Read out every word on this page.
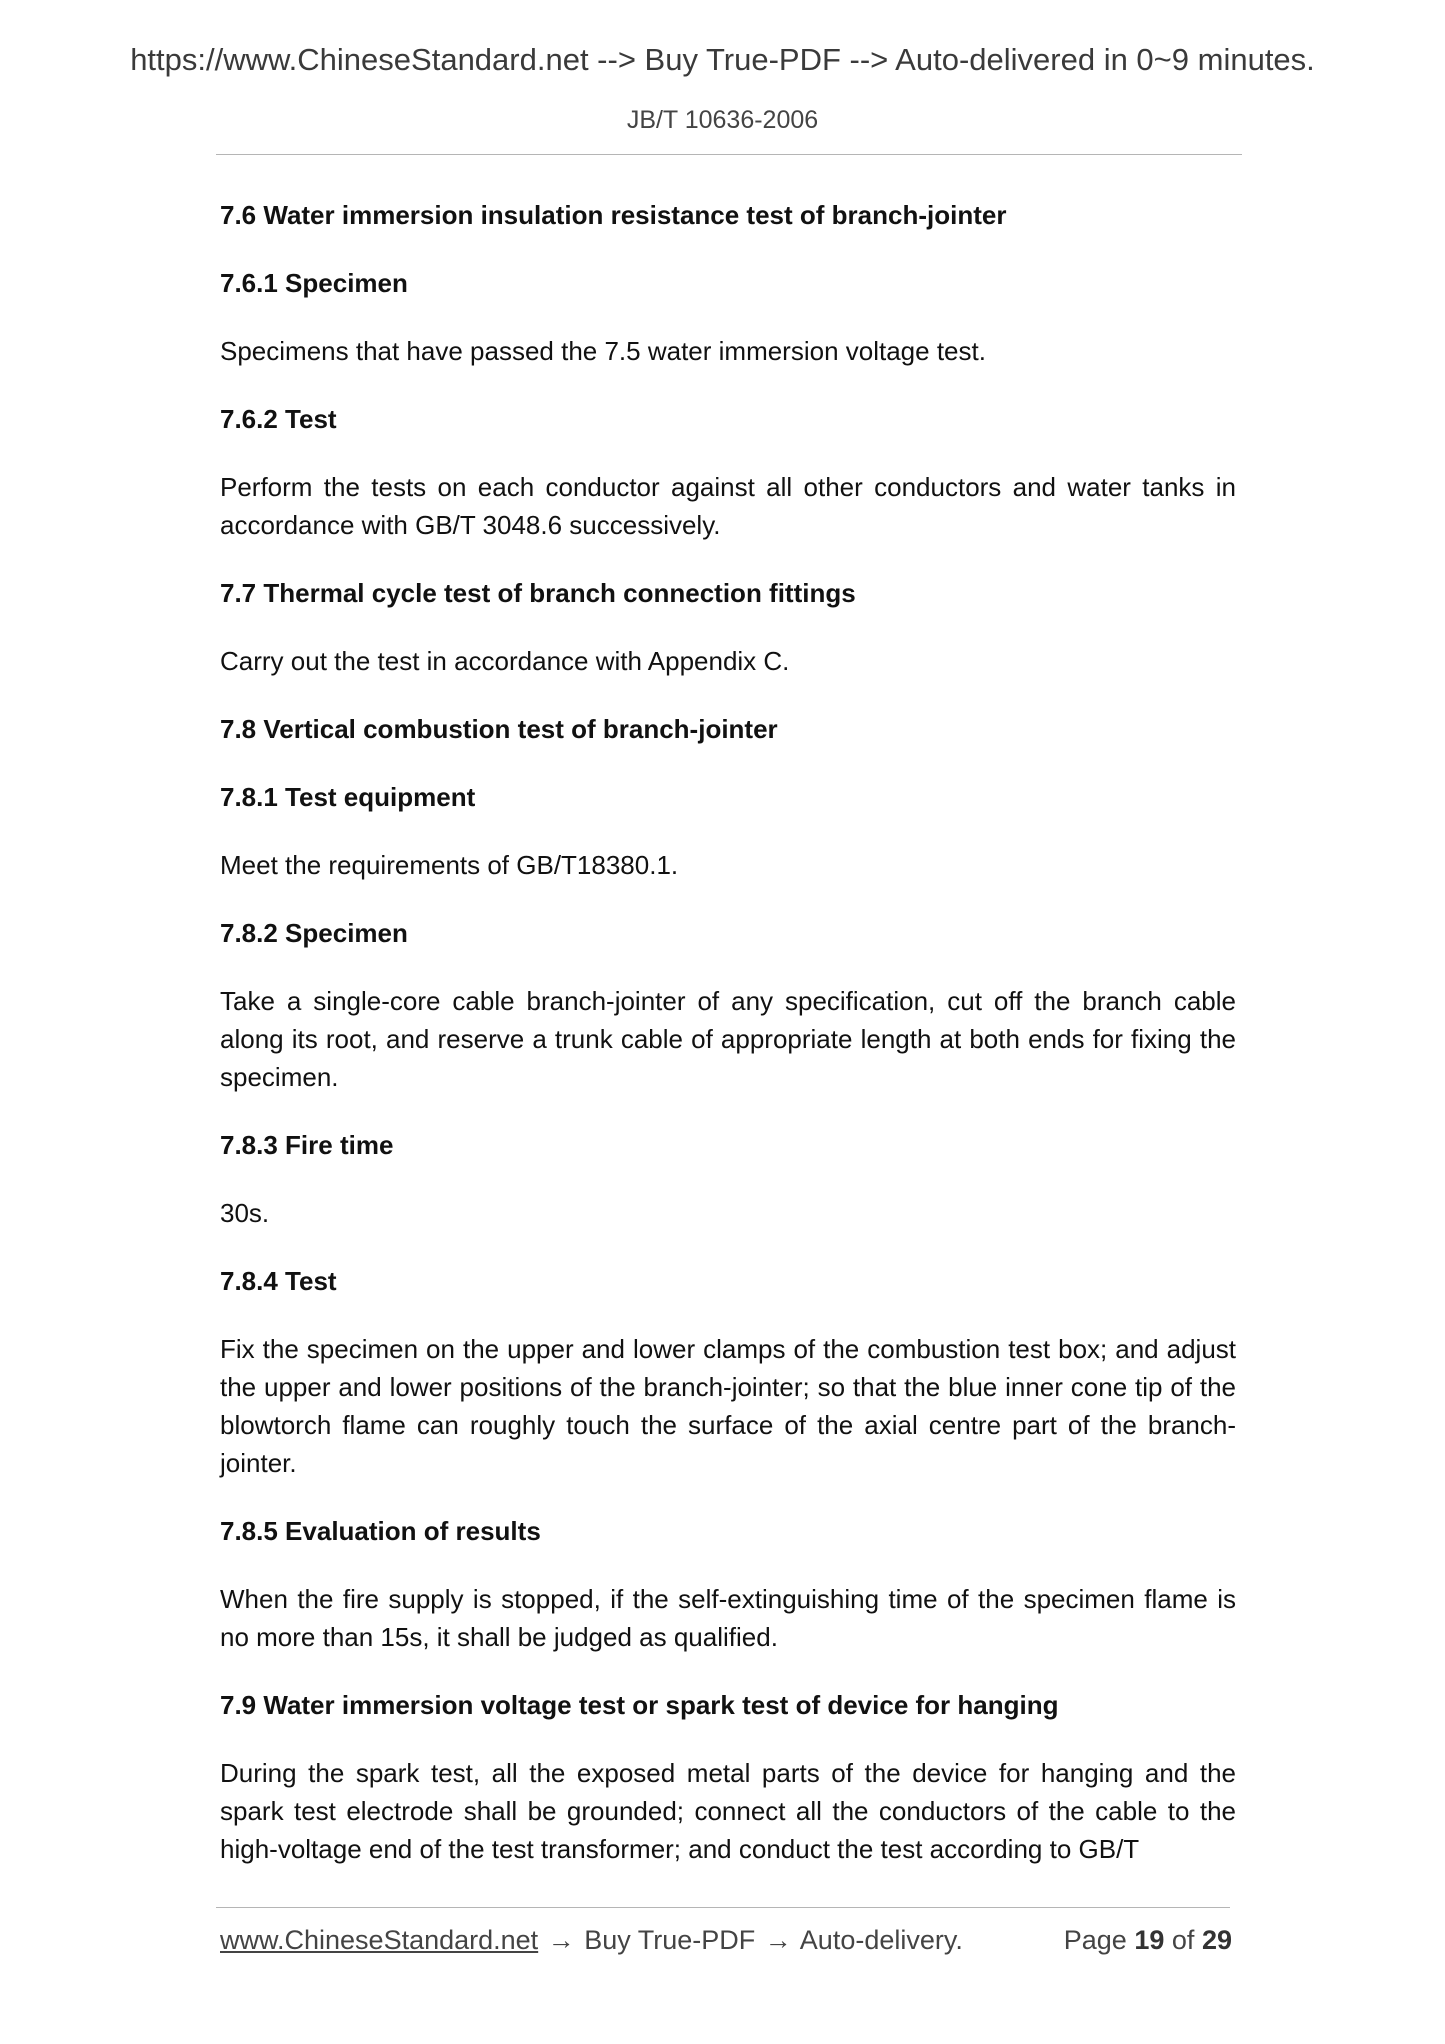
https://www.ChineseStandard.net --> Buy True-PDF --> Auto-delivered in 0~9 minutes.
JB/T 10636-2006
7.6 Water immersion insulation resistance test of branch-jointer
7.6.1 Specimen
Specimens that have passed the 7.5 water immersion voltage test.
7.6.2 Test
Perform the tests on each conductor against all other conductors and water tanks in accordance with GB/T 3048.6 successively.
7.7 Thermal cycle test of branch connection fittings
Carry out the test in accordance with Appendix C.
7.8 Vertical combustion test of branch-jointer
7.8.1 Test equipment
Meet the requirements of GB/T18380.1.
7.8.2 Specimen
Take a single-core cable branch-jointer of any specification, cut off the branch cable along its root, and reserve a trunk cable of appropriate length at both ends for fixing the specimen.
7.8.3 Fire time
30s.
7.8.4 Test
Fix the specimen on the upper and lower clamps of the combustion test box; and adjust the upper and lower positions of the branch-jointer; so that the blue inner cone tip of the blowtorch flame can roughly touch the surface of the axial centre part of the branch-jointer.
7.8.5 Evaluation of results
When the fire supply is stopped, if the self-extinguishing time of the specimen flame is no more than 15s, it shall be judged as qualified.
7.9 Water immersion voltage test or spark test of device for hanging
During the spark test, all the exposed metal parts of the device for hanging and the spark test electrode shall be grounded; connect all the conductors of the cable to the high-voltage end of the test transformer; and conduct the test according to GB/T
www.ChineseStandard.net → Buy True-PDF → Auto-delivery.	Page 19 of 29
